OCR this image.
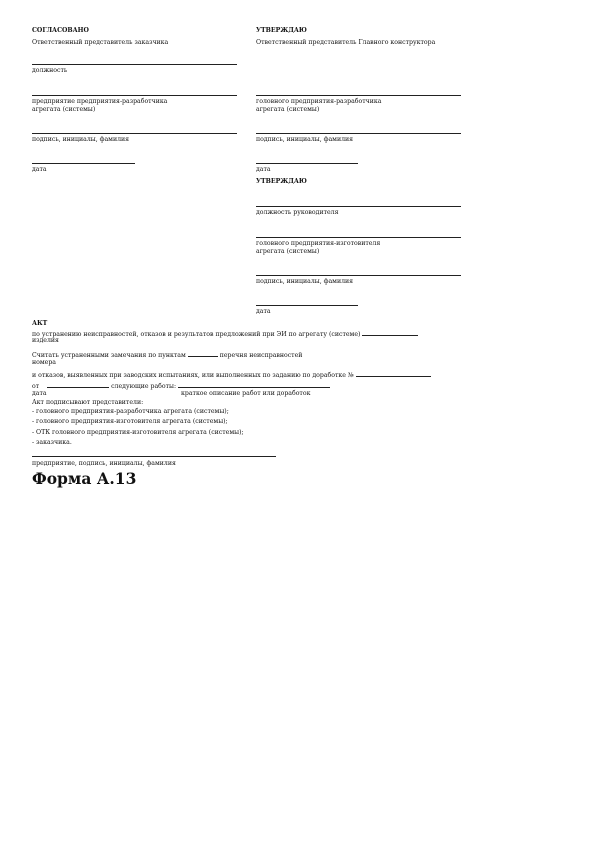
СОГЛАСОВАНО
Ответственный представитель заказчика
должность
предприятие предприятия-разработчика
агрегата (системы)
подпись, инициалы, фамилия
дата
УТВЕРЖДАЮ
Ответственный представитель Главного конструктора
головного предприятия-разработчика
агрегата (системы)
подпись, инициалы, фамилия
дата
УТВЕРЖДАЮ
должность руководителя
головного предприятия-изготовителя
агрегата (системы)
подпись, инициалы, фамилия
дата
АКТ
по устранению неисправностей, отказов и результатов предложений при ЭИ по агрегату (системе)
изделия
Считать устраненными замечания по пунктам	перечня неисправностей
номера
и отказов, выявленных при заводских испытаниях, или выполненных по заданию по доработке №
от	следующие работы:
дата	краткое описание работ или доработок
Акт подписывают представители:
- головного предприятия-разработчика агрегата (системы);
- головного предприятия-изготовителя агрегата (системы);
- ОТК головного предприятия-изготовителя агрегата (системы);
- заказчика.
предприятие, подпись, инициалы, фамилия
Форма А.13
